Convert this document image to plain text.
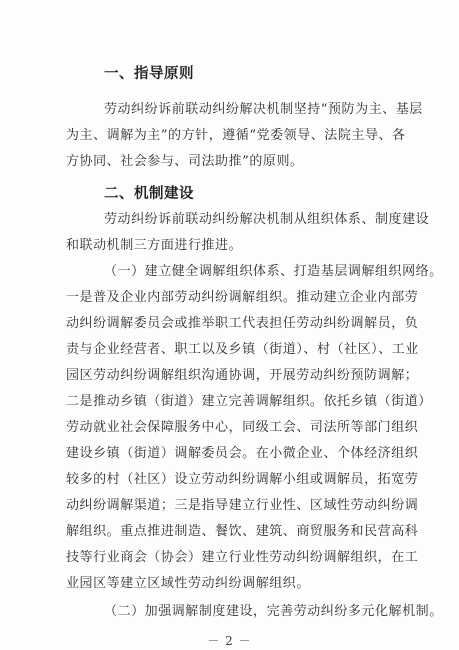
一、指导原则
劳动纠纷诉前联动纠纷解决机制坚持“预防为主、基层
为主、调解为主”的方针，遵循“党委领导、法院主导、各
方协同、社会参与、司法助推”的原则。
二、机制建设
劳动纠纷诉前联动纠纷解决机制从组织体系、制度建设
和联动机制三方面进行推进。
（一）建立健全调解组织体系、打造基层调解组织网络。
一是普及企业内部劳动纠纷调解组织。推动建立企业内部劳
动纠纷调解委员会或推举职工代表担任劳动纠纷调解员，负
责与企业经营者、职工以及乡镇（街道）、村（社区）、工业
园区劳动纠纷调解组织沟通协调，开展劳动纠纷预防调解；
二是推动乡镇（街道）建立完善调解组织。依托乡镇（街道）
劳动就业社会保障服务中心，同级工会、司法所等部门组织
建设乡镇（街道）调解委员会。在小微企业、个体经济组织
较多的村（社区）设立劳动纠纷调解小组或调解员，拓宽劳
动纠纷调解渠道；三是指导建立行业性、区域性劳动纠纷调
解组织。重点推进制造、餐饮、建筑、商贸服务和民营高科
技等行业商会（协会）建立行业性劳动纠纷调解组织，在工
业园区等建立区域性劳动纠纷调解组织。
（二）加强调解制度建设，完善劳动纠纷多元化解机制。
－ 2 －
